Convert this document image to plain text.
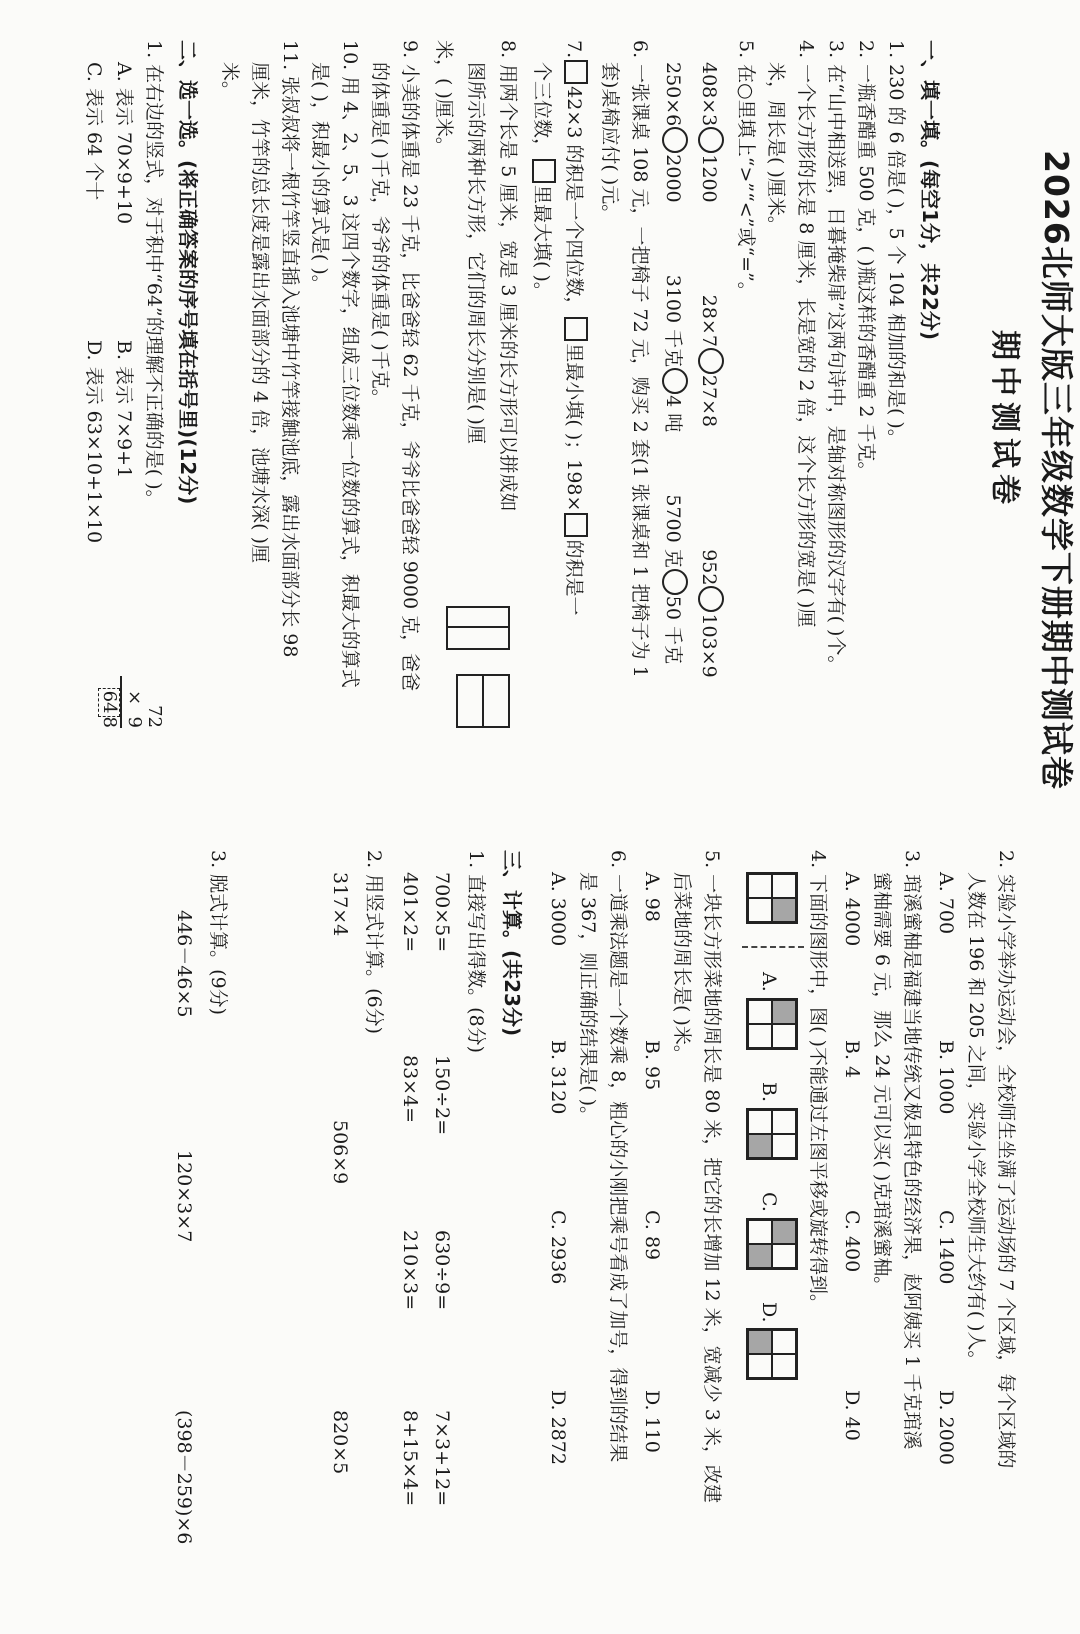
2026北师大版三年级数学下册期中测试卷
期中测试卷
一、填一填。(每空1分，共22分)
1. 230 的 6 倍是( )，5 个 104 相加的和是( )。
2. 一瓶香醋重 500 克，( )瓶这样的香醋重 2 千克。
3. 在“山中相送罢，日暮掩柴扉”这两句诗中，是轴对称图形的汉字有( )个。
4. 一个长方形的长是 8 厘米，长是宽的 2 倍，这个长方形的宽是( )厘
米，周长是( )厘米。
5. 在○里填上“>”“<”或“=”。
408×31200  28×727×8  952103×9
250×62000  3100 千克4 吨  5700 克50 千克
6. 一张课桌 108 元，一把椅子 72 元，购买 2 套(1 张课桌和 1 把椅子为 1
套)桌椅应付( )元。
7.42×3 的积是一个四位数，里最小填( )；198×的积是一
个三位数，里最大填( )。
8. 用两个长是 5 厘米，宽是 3 厘米的长方形可以拼成如
图所示的两种长方形，它们的周长分别是( )厘
米，( )厘米。
9. 小美的体重是 23 千克，比爸爸轻 62 千克，爷爷比爸爸轻 9000 克，爸爸
的体重是( )千克，爷爷的体重是( )千克。
10. 用 4、2、5、3 这四个数字，组成三位数乘一位数的算式，积最大的算式
是( )，积最小的算式是( )。
11. 张叔叔将一根竹竿竖直插入池塘中竹竿接触池底，露出水面部分长 98
厘米，竹竿的总长度是露出水面部分的 4 倍，池塘水深( )厘
米。
二、选一选。(将正确答案的序号填在括号里)(12分)
1. 在右边的竖式，对于积中“64”的理解不正确的是( )。
A. 表示 70×9+10
B. 表示 7×9+1
C. 表示 64 个十
D. 表示 63×10+1×10
72
×  9
648
2. 实验小学举办运动会，全校师生坐满了运动场的 7 个区域，每个区域的
人数在 196 和 205 之间，实验小学全校师生大约有( )人。
A. 700
B. 1000
C. 1400
D. 2000
3. 琯溪蜜柚是福建当地传统又极具特色的经济果，赵阿姨买 1 千克琯溪
蜜柚需要 6 元，那么 24 元可以买( )克琯溪蜜柚。
A. 4000
B. 4
C. 400
D. 40
4. 下面的图形中，图( )不能通过左图平移或旋转得到。
A.
B.
C.
D.
5. 一块长方形菜地的周长是 80 米，把它的长增加 12 米，宽减少 3 米，改建
后菜地的周长是( )米。
A. 98
B. 95
C. 89
D. 110
6. 一道乘法题是一个数乘 8，粗心的小刚把乘号看成了加号，得到的结果
是 367，则正确的结果是( )。
A. 3000
B. 3120
C. 2936
D. 2872
三、计算。(共23分)
1. 直接写出得数。(8分)
700×5=
150÷2=
630÷9=
7×3+12=
401×2=
83×4=
210×3=
8+15×4=
2. 用竖式计算。(6分)
317×4
506×9
820×5
3. 脱式计算。(9分)
446－46×5
120×3×7
(398－259)×6
